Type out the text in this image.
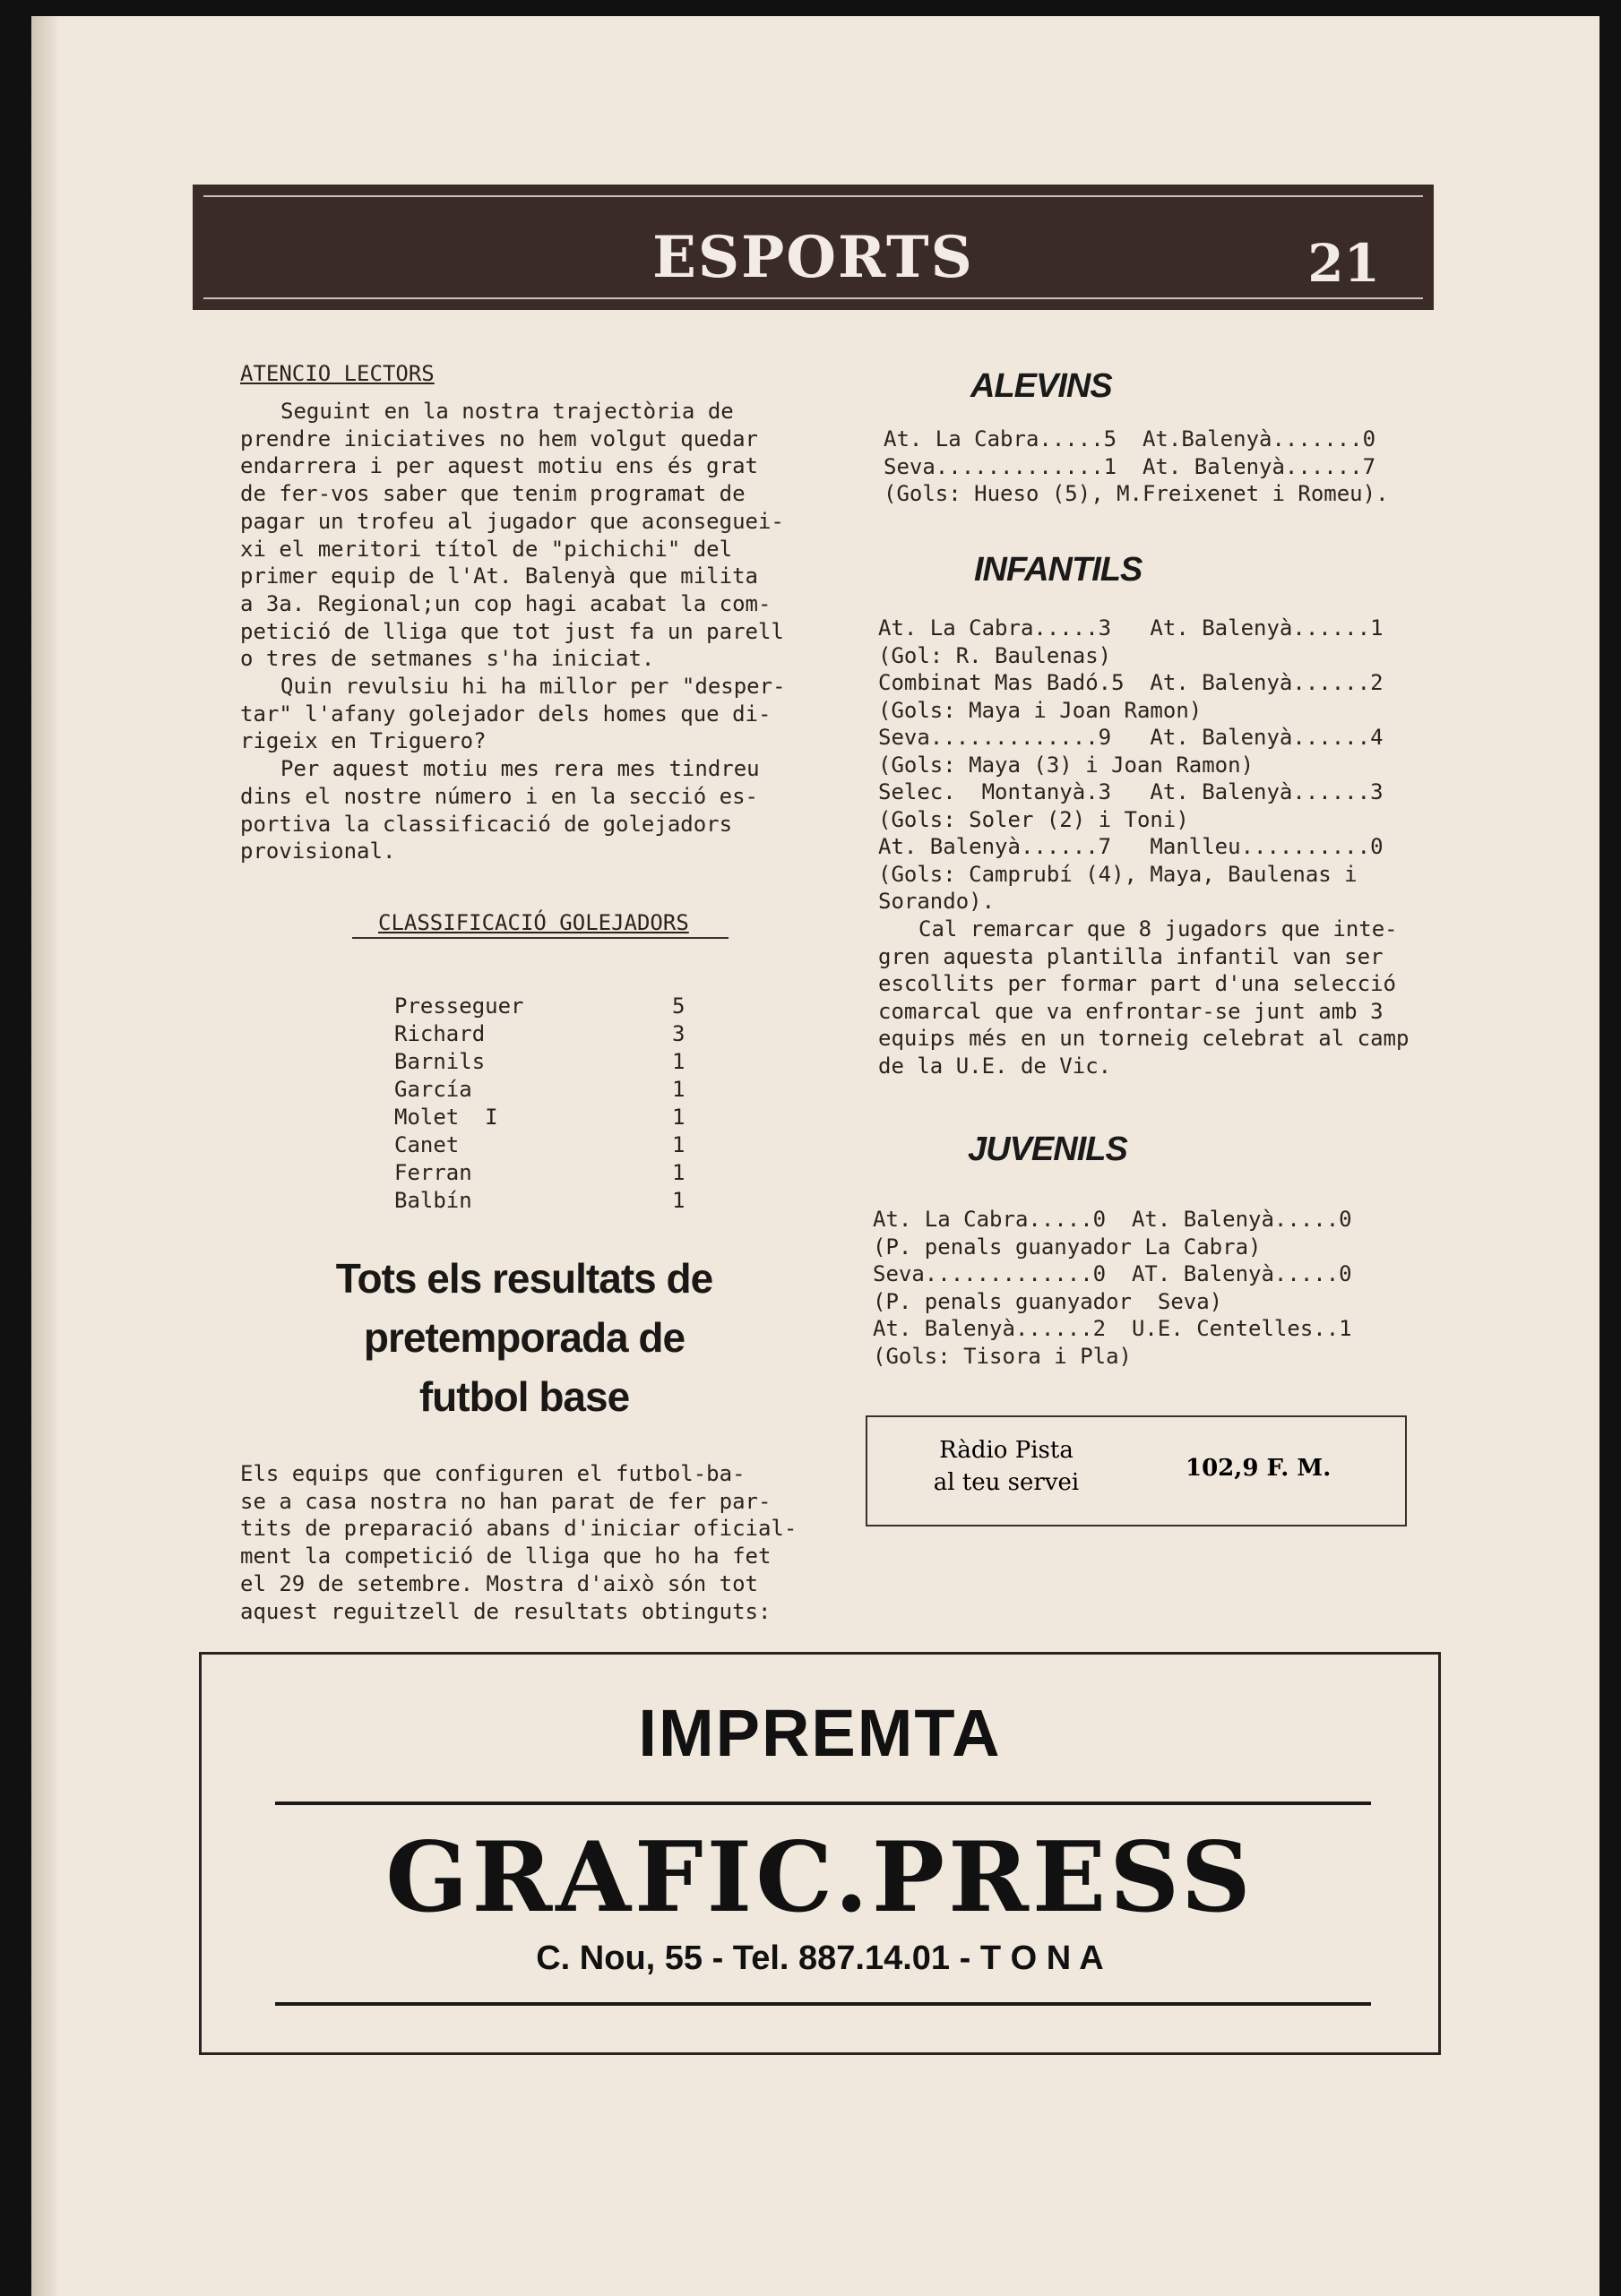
ESPORTS	21
ATENCIO LECTORS
Seguint en la nostra trajectòria de
prendre iniciatives no hem volgut quedar
endarrera i per aquest motiu ens és grat
de fer-vos saber que tenim programat de
pagar un trofeu al jugador que aconseguei-
xi el meritori títol de "pichichi" del
primer equip de l'At. Balenyà que milita
a 3a. Regional;un cop hagi acabat la com-
petició de lliga que tot just fa un parell
o tres de setmanes s'ha iniciat.
Quin revulsiu hi ha millor per "desper-
tar" l'afany golejador dels homes que di-
rigeix en Triguero?
Per aquest motiu mes rera mes tindreu
dins el nostre número i en la secció es-
portiva la classificació de golejadors
provisional.
CLASSIFICACIÓ GOLEJADORS
Presseguer	5
Richard	3
Barnils	1
García	1
Molet  I	1
Canet	1
Ferran	1
Balbín	1
Tots els resultats de
pretemporada de
futbol base
Els equips que configuren el futbol-ba-
se a casa nostra no han parat de fer par-
tits de preparació abans d'iniciar oficial-
ment la competició de lliga que ho ha fet
el 29 de setembre. Mostra d'això són tot
aquest reguitzell de resultats obtinguts:
ALEVINS
At. La Cabra.....5  At.Balenyà.......0
Seva.............1  At. Balenyà......7
(Gols: Hueso (5), M.Freixenet i Romeu).
INFANTILS
At. La Cabra.....3   At. Balenyà......1
(Gol: R. Baulenas)
Combinat Mas Badó.5  At. Balenyà......2
(Gols: Maya i Joan Ramon)
Seva.............9   At. Balenyà......4
(Gols: Maya (3) i Joan Ramon)
Selec.  Montanyà.3   At. Balenyà......3
(Gols: Soler (2) i Toni)
At. Balenyà......7   Manlleu..........0
(Gols: Camprubí (4), Maya, Baulenas i
Sorando).
Cal remarcar que 8 jugadors que inte-
gren aquesta plantilla infantil van ser
escollits per formar part d'una selecció
comarcal que va enfrontar-se junt amb 3
equips més en un torneig celebrat al camp
de la U.E. de Vic.
JUVENILS
At. La Cabra.....0  At. Balenyà.....0
(P. penals guanyador La Cabra)
Seva.............0  AT. Balenyà.....0
(P. penals guanyador  Seva)
At. Balenyà......2  U.E. Centelles..1
(Gols: Tisora i Pla)
Ràdio Pista
al teu servei
102,9 F. M.
IMPREMTA
GRAFIC.PRESS
C. Nou, 55 - Tel. 887.14.01 - T O N A
